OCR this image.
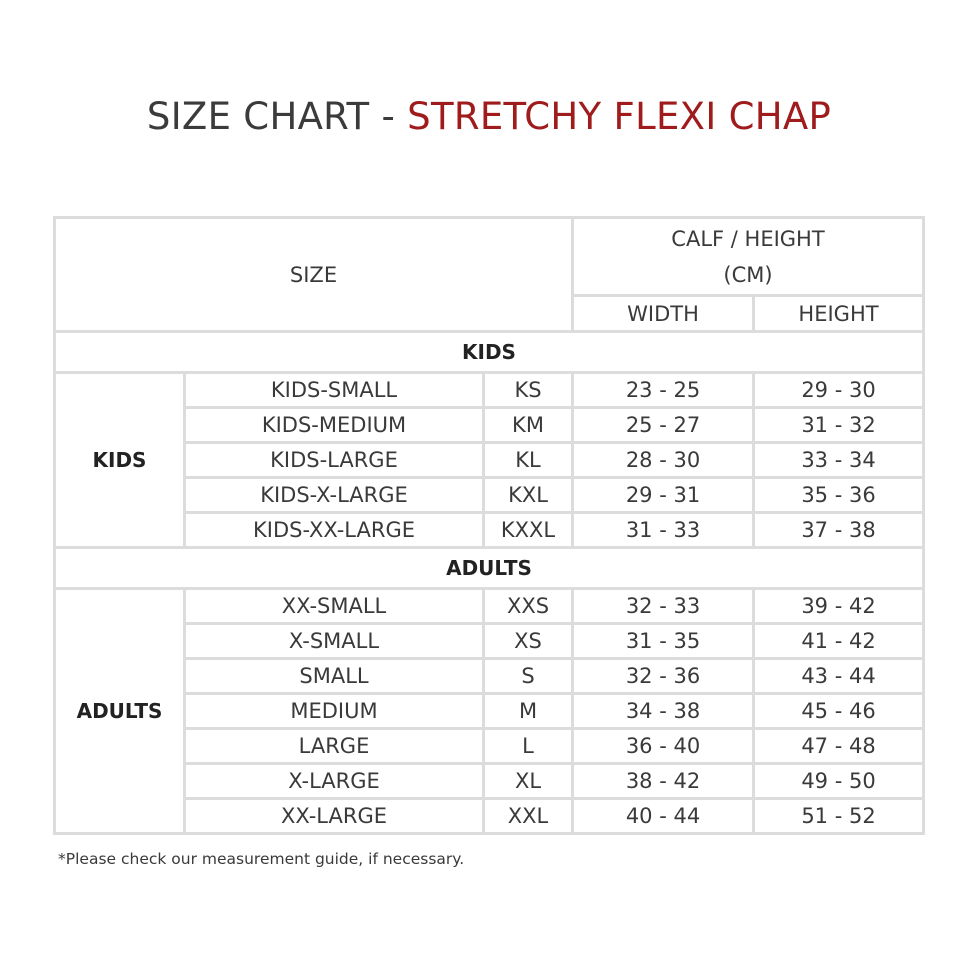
SIZE CHART - STRETCHY FLEXI CHAP
SIZE			CALF / HEIGHT
(CM)	

			WIDTH	HEIGHT
KIDS				
KIDS	KIDS-SMALL	KS	23 - 25	29 - 30
	KIDS-MEDIUM	KM	25 - 27	31 - 32
	KIDS-LARGE	KL	28 - 30	33 - 34
	KIDS-X-LARGE	KXL	29 - 31	35 - 36
	KIDS-XX-LARGE	KXXL	31 - 33	37 - 38
ADULTS				
ADULTS	XX-SMALL	XXS	32 - 33	39 - 42
	X-SMALL	XS	31 - 35	41 - 42
	SMALL	S	32 - 36	43 - 44
	MEDIUM	M	34 - 38	45 - 46
	LARGE	L	36 - 40	47 - 48
	X-LARGE	XL	38 - 42	49 - 50
	XX-LARGE	XXL	40 - 44	51 - 52
*Please check our measurement guide, if necessary.
